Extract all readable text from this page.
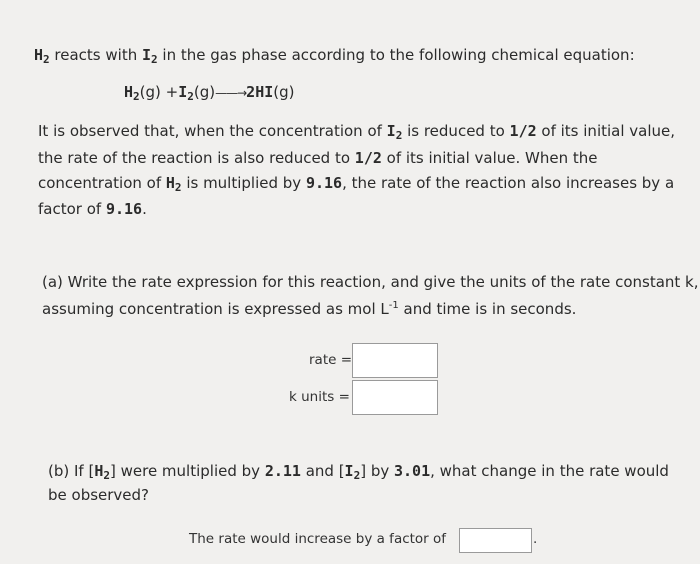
$H_2$ reacts with $I_2$ in the gas phase according to the following chemical equation:
$H_2(g)$ $+I_2(g)——\to 2HI(g)$
It is observed that, when the concentration of $I_2$ is reduced to 1/2 of its initial value,
the rate of the reaction is also reduced to 1/2 of its initial value. When the
concentration of $H_2$ is multiplied by 9.16, the rate of the reaction also increases by a
factor of 9.16.
(a) Write the rate expression for this reaction, and give the units of the rate constant k,
assuming concentration is expressed as mol $L^{-1}$ and time is in seconds.
rate =
k units =
(b) If $[H_2]$ were multiplied by 2.11 and $[I_2]$ by 3.01, what change in the rate would
be observed?
The rate would increase by a factor of	.
